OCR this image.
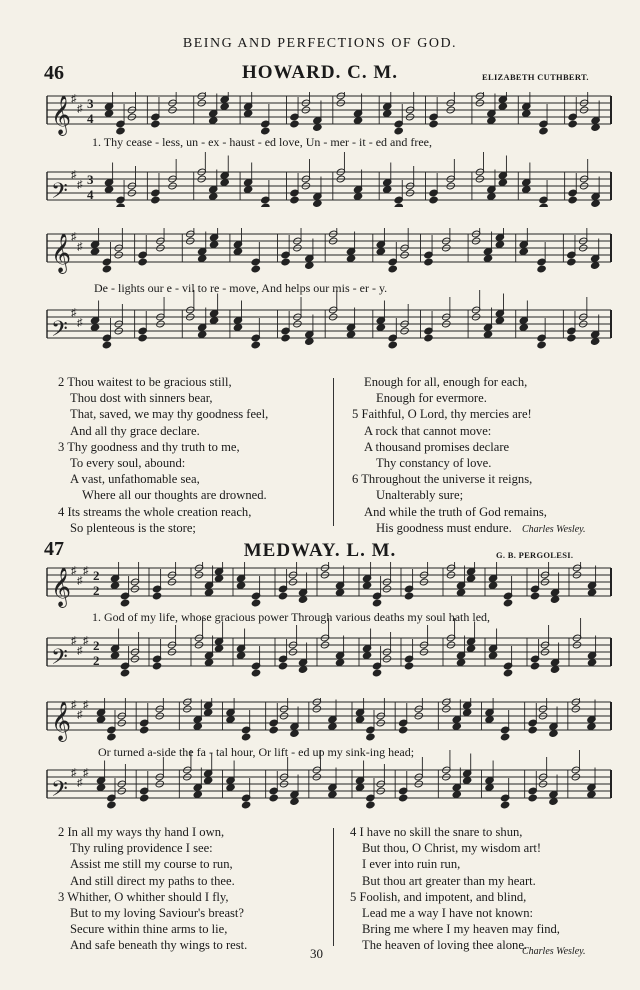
BEING AND PERFECTIONS OF GOD.
46	HOWARD. C. M.	ELIZABETH CUTHBERT.
𝄞 ♯
♯ 3
4
𝄢
♯
♯ 3
4
1. Thy cease - less, un - ex - haust - ed love, Un - mer - it - ed and free,
𝄞 ♯
♯
𝄢
♯
♯
De - lights our e - vil to re - move, And helps our mis - er - y.
2 Thou waitest to be gracious still,
Thou dost with sinners bear,
That, saved, we may thy goodness feel,
And all thy grace declare.
3 Thy goodness and thy truth to me,
To every soul, abound:
A vast, unfathomable sea,
Where all our thoughts are drowned.
4 Its streams the whole creation reach,
So plenteous is the store;
Enough for all, enough for each,
Enough for evermore.
5 Faithful, O Lord, thy mercies are!
A rock that cannot move:
A thousand promises declare
Thy constancy of love.
6 Throughout the universe it reigns,
Unalterably sure;
And while the truth of God remains,
His goodness must endure.	Charles Wesley.
47	MEDWAY. L. M.	G. B. PERGOLESI.
𝄞 ♯
♯
♯ 2
2
𝄢
♯
♯
♯ 2
2
1. God of my life, whose gracious power Through various deaths my soul hath led,
𝄞 ♯
♯
♯
𝄢
♯
♯
♯
Or turned a-side the fa - tal hour, Or lift - ed up my sink-ing head;
2 In all my ways thy hand I own,
Thy ruling providence I see:
Assist me still my course to run,
And still direct my paths to thee.
3 Whither, O whither should I fly,
But to my loving Saviour's breast?
Secure within thine arms to lie,
And safe beneath thy wings to rest.
4 I have no skill the snare to shun,
But thou, O Christ, my wisdom art!
I ever into ruin run,
But thou art greater than my heart.
5 Foolish, and impotent, and blind,
Lead me a way I have not known:
Bring me where I my heaven may find,
The heaven of loving thee alone.
Charles Wesley.
30
